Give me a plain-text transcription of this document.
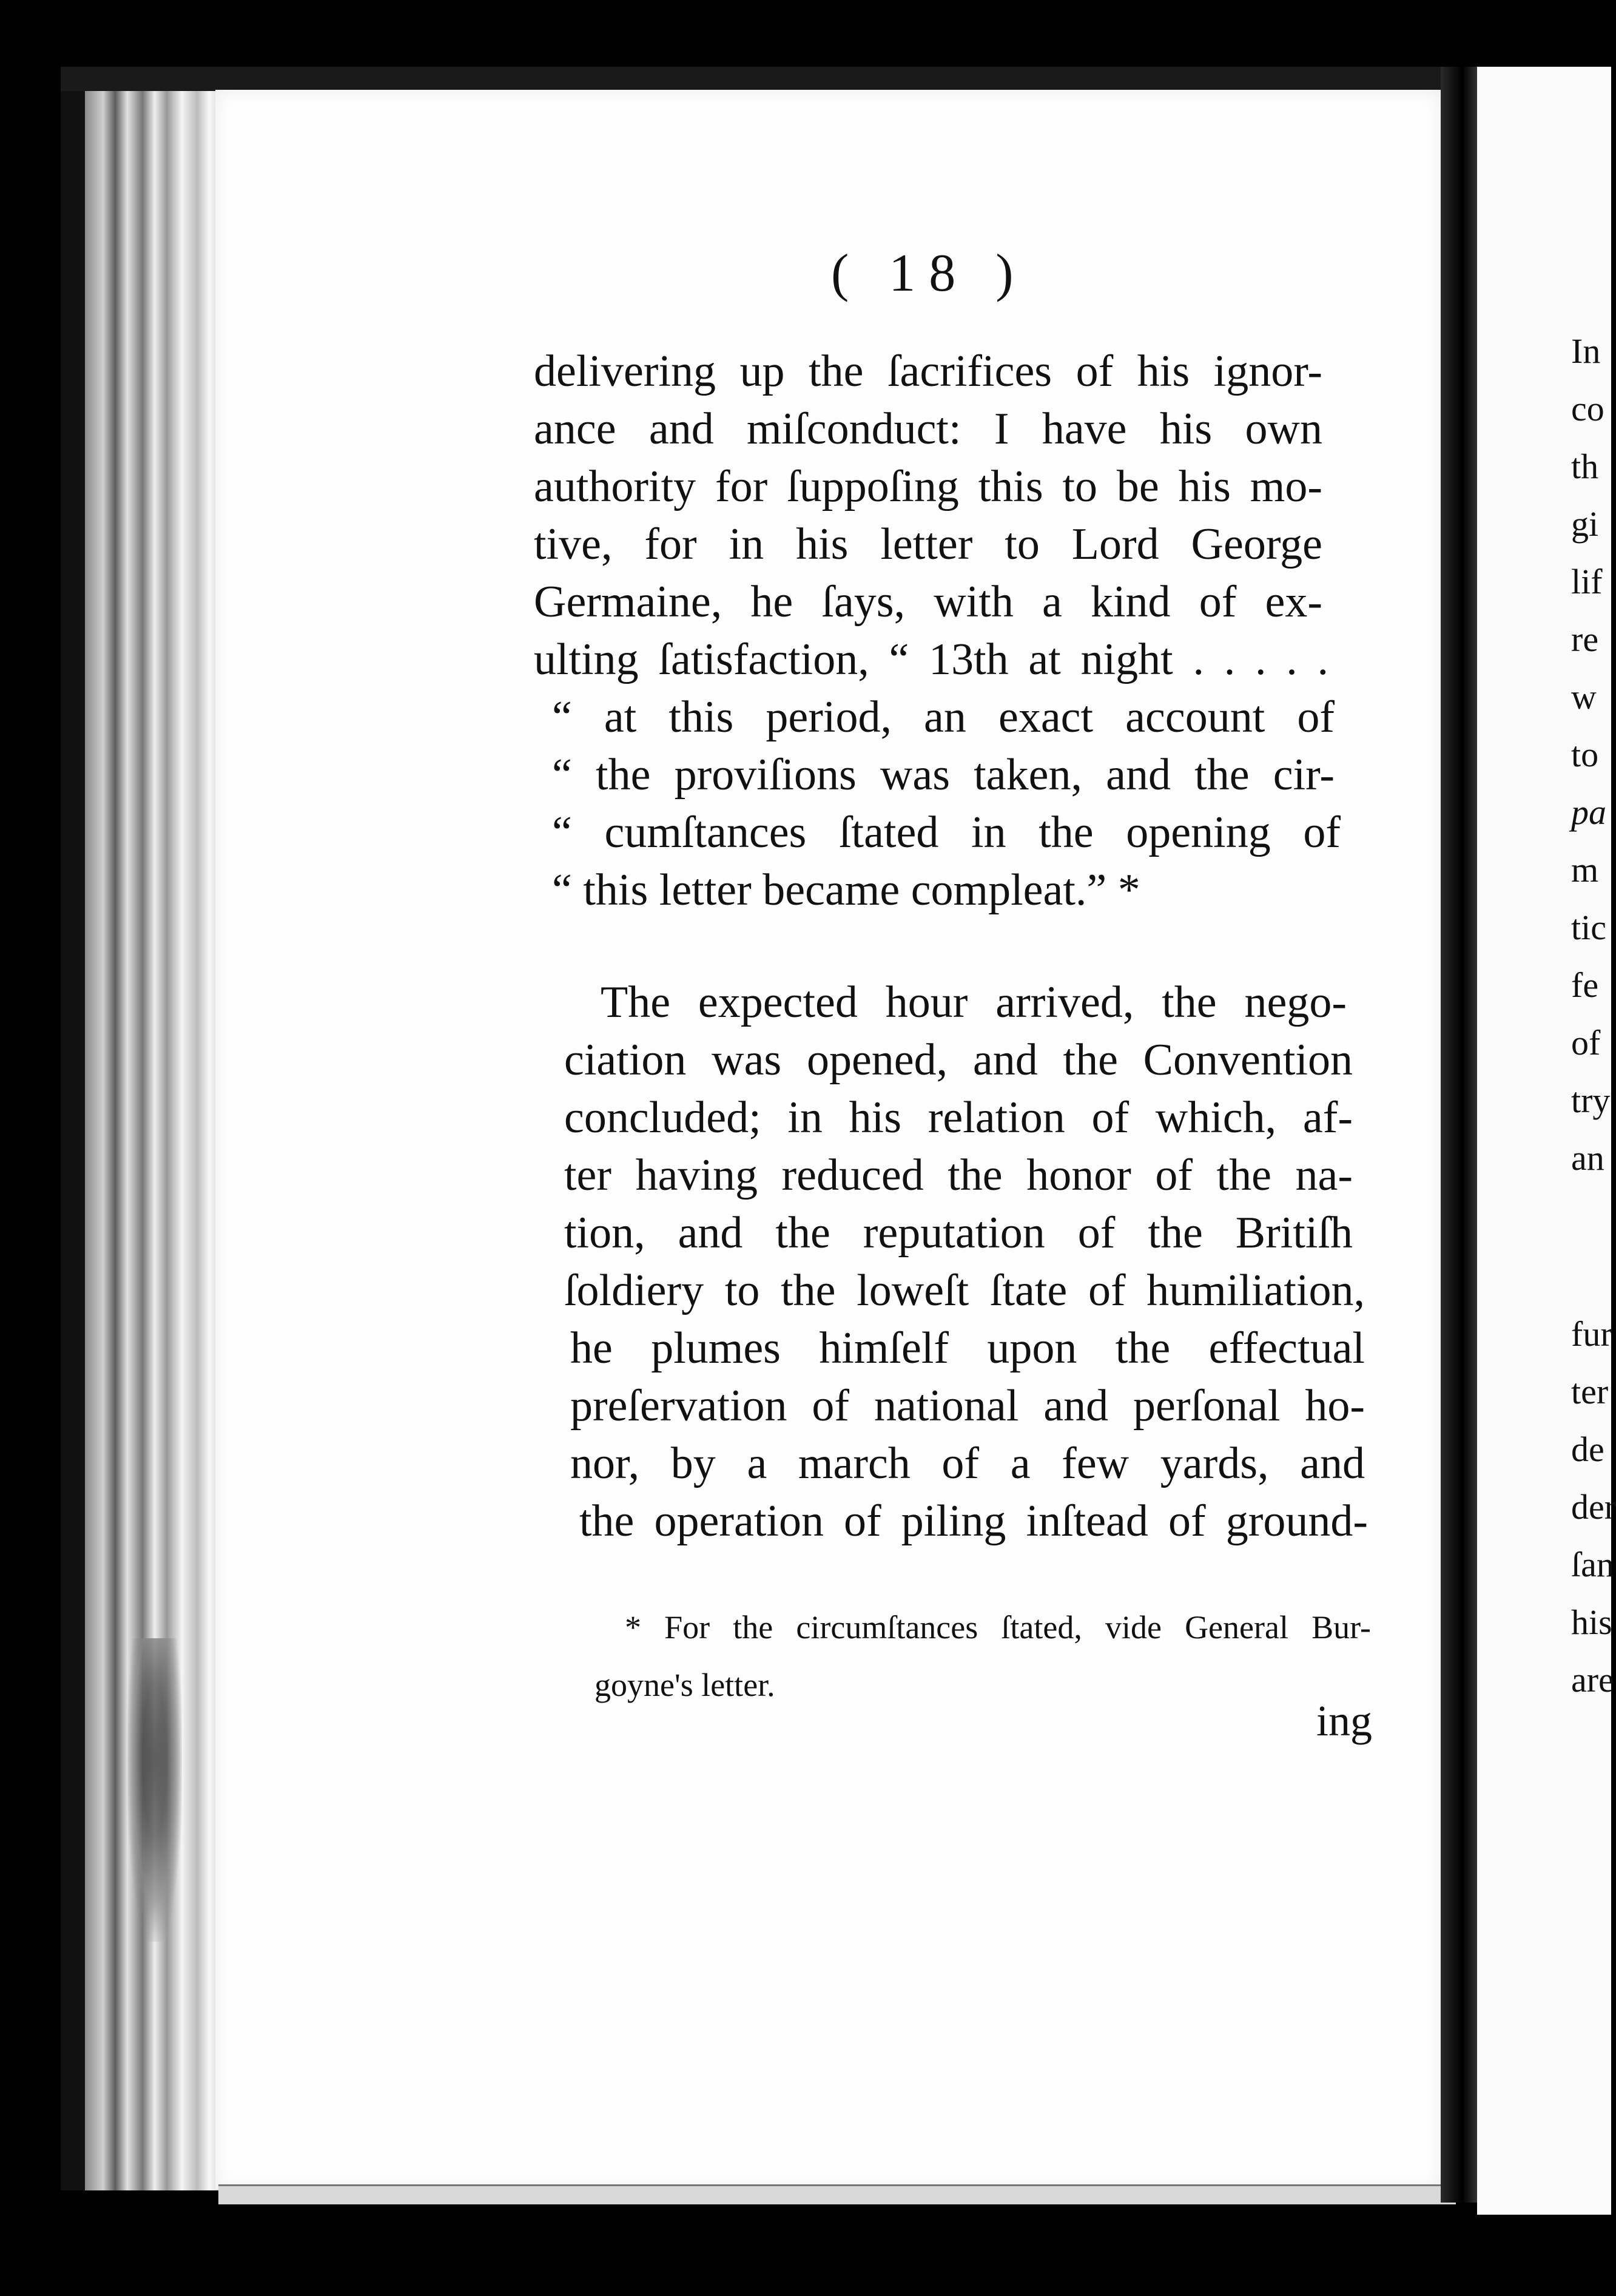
( 18 )
delivering up the ſacrifices of his ignor-
ance and miſconduct: I have his own
authority for ſuppoſing this to be his mo-
tive, for in his letter to Lord George
Germaine, he ſays, with a kind of ex-
ulting ſatisfaction, “ 13th at night . . . . .
“ at this period, an exact account of
“ the proviſions was taken, and the cir-
“ cumſtances ſtated in the opening of
“ this letter became compleat.” *
The expected hour arrived, the nego-
ciation was opened, and the Convention
concluded; in his relation of which, af-
ter having reduced the honor of the na-
tion, and the reputation of the Britiſh
ſoldiery to the loweſt ſtate of humiliation,
he plumes himſelf upon the effectual
preſervation of national and perſonal ho-
nor, by a march of a few yards, and
the operation of piling inſtead of ground-
* For the circumſtances ſtated, vide General Bur-
goyne's letter.
ing
In
co
th
gi
lif
re
w
to
pa
m
tic
fe
of
try
an
fur
ter
de
der
ſan
his
are
